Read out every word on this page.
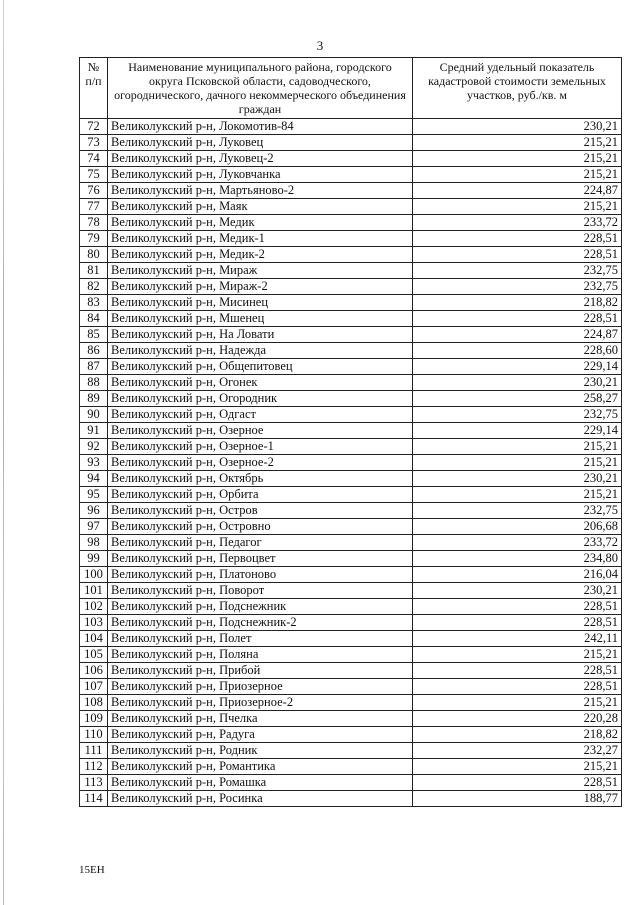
3
№ п/п	Наименование муниципального района, городского округа Псковской области, садоводческого, огороднического, дачного некоммерческого объединения граждан	Средний удельный показатель кадастровой стоимости земельных участков, руб./кв. м
72	Великолукский р-н, Локомотив-84	230,21
73	Великолукский р-н, Луковец	215,21
74	Великолукский р-н, Луковец-2	215,21
75	Великолукский р-н, Луковчанка	215,21
76	Великолукский р-н, Мартьяново-2	224,87
77	Великолукский р-н, Маяк	215,21
78	Великолукский р-н, Медик	233,72
79	Великолукский р-н, Медик-1	228,51
80	Великолукский р-н, Медик-2	228,51
81	Великолукский р-н, Мираж	232,75
82	Великолукский р-н, Мираж-2	232,75
83	Великолукский р-н, Мисинец	218,82
84	Великолукский р-н, Мшенец	228,51
85	Великолукский р-н, На Ловати	224,87
86	Великолукский р-н, Надежда	228,60
87	Великолукский р-н, Общепитовец	229,14
88	Великолукский р-н, Огонек	230,21
89	Великолукский р-н, Огородник	258,27
90	Великолукский р-н, Одгаст	232,75
91	Великолукский р-н, Озерное	229,14
92	Великолукский р-н, Озерное-1	215,21
93	Великолукский р-н, Озерное-2	215,21
94	Великолукский р-н, Октябрь	230,21
95	Великолукский р-н, Орбита	215,21
96	Великолукский р-н, Остров	232,75
97	Великолукский р-н, Островно	206,68
98	Великолукский р-н, Педагог	233,72
99	Великолукский р-н, Первоцвет	234,80
100	Великолукский р-н, Платоново	216,04
101	Великолукский р-н, Поворот	230,21
102	Великолукский р-н, Подснежник	228,51
103	Великолукский р-н, Подснежник-2	228,51
104	Великолукский р-н, Полет	242,11
105	Великолукский р-н, Поляна	215,21
106	Великолукский р-н, Прибой	228,51
107	Великолукский р-н, Приозерное	228,51
108	Великолукский р-н, Приозерное-2	215,21
109	Великолукский р-н, Пчелка	220,28
110	Великолукский р-н, Радуга	218,82
111	Великолукский р-н, Родник	232,27
112	Великолукский р-н, Романтика	215,21
113	Великолукский р-н, Ромашка	228,51
114	Великолукский р-н, Росинка	188,77
15ЕН
